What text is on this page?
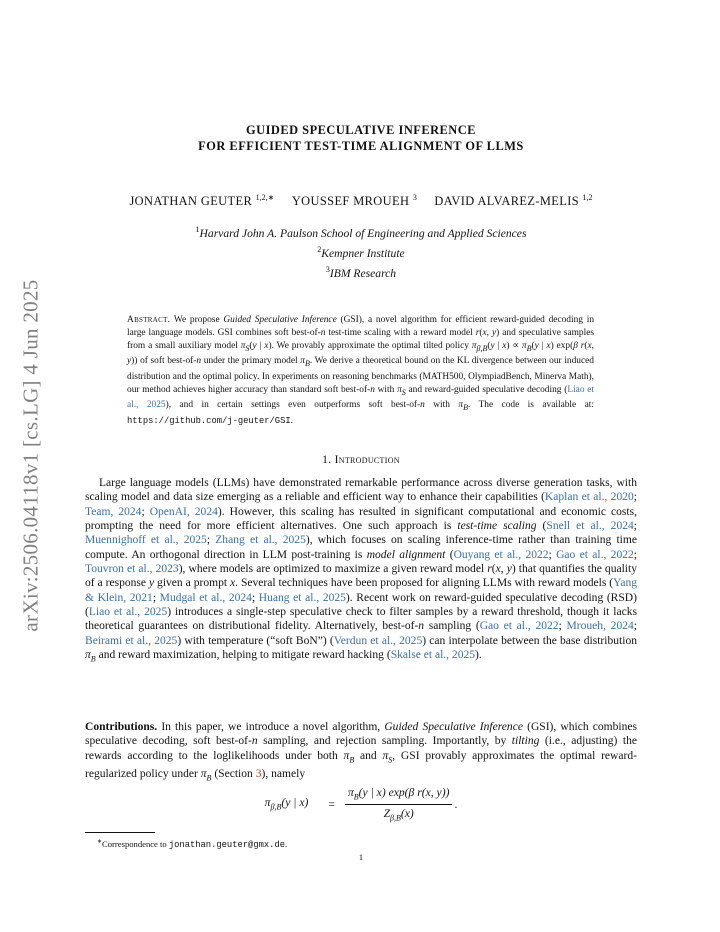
arXiv:2506.04118v1 [cs.LG] 4 Jun 2025
GUIDED SPECULATIVE INFERENCE
FOR EFFICIENT TEST-TIME ALIGNMENT OF LLMS
JONATHAN GEUTER $^{1,2,∗}$ YOUSSEF MROUEH $^3$ DAVID ALVAREZ-MELIS $^{1,2}$
$^1$Harvard John A. Paulson School of Engineering and Applied Sciences
$^2$Kempner Institute
$^3$IBM Research
Abstract. We propose Guided Speculative Inference (GSI), a novel algorithm for efficient reward-guided decoding in large language models. GSI combines soft best-of-n test-time scaling with a reward model r(x, y) and speculative samples from a small auxiliary model πS(y | x). We provably approximate the optimal tilted policy πβ,B(y | x) ∝ πB(y | x) exp(β r(x, y)) of soft best-of-n under the primary model πB. We derive a theoretical bound on the KL divergence between our induced distribution and the optimal policy. In experiments on reasoning benchmarks (MATH500, OlympiadBench, Minerva Math), our method achieves higher accuracy than standard soft best-of-n with πS and reward-guided speculative decoding (Liao et al., 2025), and in certain settings even outperforms soft best-of-n with πB. The code is available at: https://github.com/j-geuter/GSI.
1. Introduction
Large language models (LLMs) have demonstrated remarkable performance across diverse generation tasks, with scaling model and data size emerging as a reliable and efficient way to enhance their capabilities (Kaplan et al., 2020; Team, 2024; OpenAI, 2024). However, this scaling has resulted in significant computational and economic costs, prompting the need for more efficient alternatives. One such approach is test-time scaling (Snell et al., 2024; Muennighoff et al., 2025; Zhang et al., 2025), which focuses on scaling inference-time rather than training time compute. An orthogonal direction in LLM post-training is model alignment (Ouyang et al., 2022; Gao et al., 2022; Touvron et al., 2023), where models are optimized to maximize a given reward model r(x, y) that quantifies the quality of a response y given a prompt x. Several techniques have been proposed for aligning LLMs with reward models (Yang & Klein, 2021; Mudgal et al., 2024; Huang et al., 2025). Recent work on reward-guided speculative decoding (RSD) (Liao et al., 2025) introduces a single-step speculative check to filter samples by a reward threshold, though it lacks theoretical guarantees on distributional fidelity. Alternatively, best-of-n sampling (Gao et al., 2022; Mroueh, 2024; Beirami et al., 2025) with temperature (“soft BoN”) (Verdun et al., 2025) can interpolate between the base distribution $\pi_B$ and reward maximization, helping to mitigate reward hacking (Skalse et al., 2025).
Contributions. In this paper, we introduce a novel algorithm, Guided Speculative Inference (GSI), which combines speculative decoding, soft best-of-n sampling, and rejection sampling. Importantly, by tilting (i.e., adjusting) the rewards according to the loglikelihoods under both $\pi_B$ and $\pi_S$, GSI provably approximates the optimal reward-regularized policy under $\pi_B$ (Section 3), namely
$\pi_{\beta,B}(y$ | $x) = \frac{\pi_B(y | x) \exp(\beta r(x, y))}{Z_{\beta,B}(x)}$ .
∗Correspondence to jonathan.geuter@gmx.de.
1
